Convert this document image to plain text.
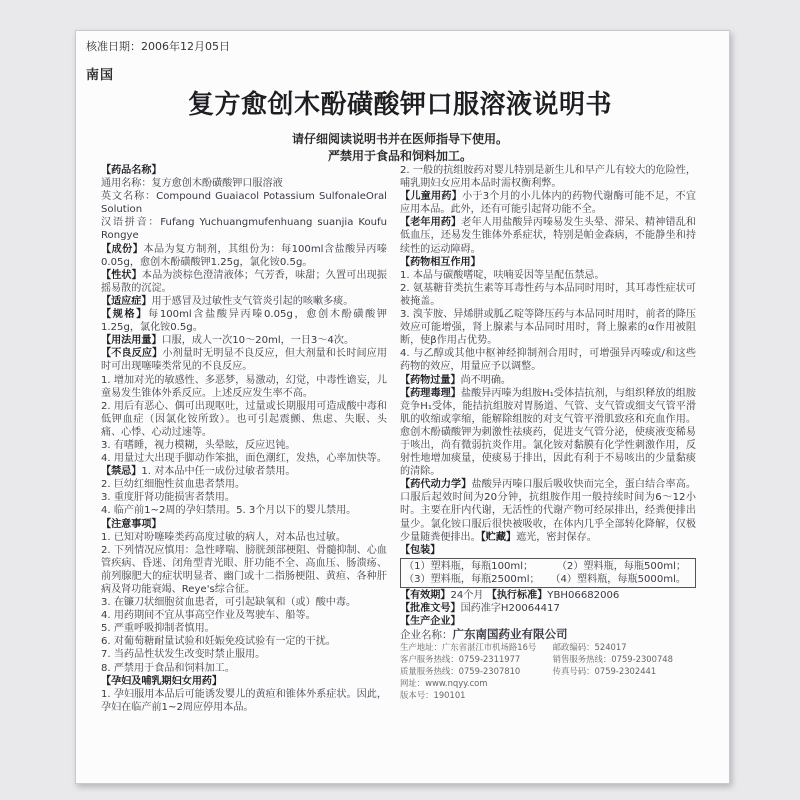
核准日期：2006年12月05日
南国
复方愈创木酚磺酸钾口服溶液说明书
请仔细阅读说明书并在医师指导下使用。
严禁用于食品和饲料加工。

【药品名称】

通用名称：复方愈创木酚磺酸钾口服溶液

英文名称：Compound Guaiacol Potassium SulfonaleOral Solution

汉语拼音：Fufang Yuchuangmufenhuang suanjia Koufu Rongye

【成份】本品为复方制剂，其组份为：每100ml含盐酸异丙嗪0.05g，愈创木酚磺酸钾1.25g，氯化铵0.5g。

【性状】本品为淡棕色澄清液体；气芳香，味甜；久置可出现振摇易散的沉淀。

【适应症】用于感冒及过敏性支气管炎引起的咳嗽多痰。

【规格】每100ml含盐酸异丙嗪0.05g，愈创木酚磺酸钾1.25g，氯化铵0.5g。

【用法用量】口服，成人一次10～20ml，一日3～4次。

【不良反应】小剂量时无明显不良反应，但大剂量和长时间应用时可出现噻嗪类常见的不良反应。

1. 增加对光的敏感性、多恶梦，易激动，幻觉，中毒性谵妄，儿童易发生锥体外系反应。上述反应发生率不高。

2. 用后有恶心、偶可出现呕吐，过量或长期服用可造成酸中毒和低钾血症（因氯化铵所致）。也可引起震颤、焦虑、失眠、头痛、心悸、心动过速等。

3. 有嗜睡，视力模糊，头晕眩，反应迟钝。

4. 用量过大出现手脚动作笨拙，面色潮红，发热，心率加快等。【禁忌】1. 对本品中任一成份过敏者禁用。

2. 巨幼红细胞性贫血患者禁用。

3. 重度肝肾功能损害者禁用。

4. 临产前1~2周的孕妇禁用。5. 3个月以下的婴儿禁用。

【注意事项】

1. 已知对吩噻嗪类药高度过敏的病人，对本品也过敏。

2. 下列情况应慎用：急性哮喘、膀胱颈部梗阻、骨髓抑制、心血管疾病、昏迷、闭角型青光眼、肝功能不全、高血压、肠溃疡、前列腺肥大的症状明显者、幽门或十二指肠梗阻、黄疸、各种肝病及肾功能衰竭、Reye's综合征。

3. 在镰刀状细胞贫血患者，可引起缺氧和（或）酸中毒。

4. 用药期间不宜从事高空作业及驾驶车、船等。

5. 严重呼吸抑制者慎用。

6. 对葡萄糖耐量试验和妊娠免疫试验有一定的干扰。

7. 当药品性状发生改变时禁止服用。

8. 严禁用于食品和饲料加工。

【孕妇及哺乳期妇女用药】

1. 孕妇服用本品后可能诱发婴儿的黄疸和锥体外系症状。因此，孕妇在临产前1~2周应停用本品。

2. 一般的抗组胺药对婴儿特别是新生儿和早产儿有较大的危险性，哺乳期妇女应用本品时需权衡利弊。

【儿童用药】小于3个月的小儿体内的药物代谢酶可能不足，不宜应用本品。此外，还有可能引起肾功能不全。

【老年用药】老年人用盐酸异丙嗪易发生头晕、滞呆、精神错乱和低血压，还易发生锥体外系症状，特别是帕金森病，不能静坐和持续性的运动障碍。

【药物相互作用】

1. 本品与碳酸嗜啶，呋喃妥因等呈配伍禁忌。

2. 氨基糖苷类抗生素等耳毒性药与本品同时用时，其耳毒性症状可被掩盖。

3. 溴苄胺、异烯肼或胍乙啶等降压药与本品同时用时，前者的降压效应可能增强，肾上腺素与本品同时用时，肾上腺素的α作用被阻断，使β作用占优势。

4. 与乙醇或其他中枢神经抑制剂合用时，可增强异丙嗪或/和这些药物的效应，用量应予以调整。

【药物过量】尚不明确。

【药理毒理】盐酸异丙嗪为组胺H₁受体拮抗剂，与组织释放的组胺竞争H₁受体，能拮抗组胺对胃肠道、气管、支气管或细支气管平滑肌的收缩或挛缩，能解除组胺的对支气管平滑肌致痉和充血作用。愈创木酚磺酸钾为刺激性祛痰药，促进支气管分泌，使痰液变稀易于咳出，尚有微弱抗炎作用。氯化铵对黏膜有化学性刺激作用，反射性地增加痰量，使痰易于排出，因此有利于不易咳出的少量黏痰的清除。

【药代动力学】盐酸异丙嗪口服后吸收快而完全，蛋白结合率高。口服后起效时间为20分钟，抗组胺作用一般持续时间为6～12小时。主要在肝内代谢，无活性的代谢产物可经尿排出，经粪便排出量少。氯化铵口服后很快被吸收，在体内几乎全部转化降解，仅极少量随粪便排出。【贮藏】遮光，密封保存。

【包装】

（1）塑料瓶，每瓶100ml； （2）塑料瓶，每瓶500ml；
（3）塑料瓶，每瓶2500ml； （4）塑料瓶，每瓶5000ml。

【有效期】24个月 【执行标准】YBH06682006

【批准文号】国药准字H20064417

【生产企业】

企业名称：广东南国药业有限公司

生产地址：广东省湛江市机场路16号 邮政编码：524017
客户服务热线：0759-2311977	销售服务热线：0759-2300748
质量服务热线：0759-2307810	传真号码：0759-2302441
网址：www.nqyy.com
版本号：190101
